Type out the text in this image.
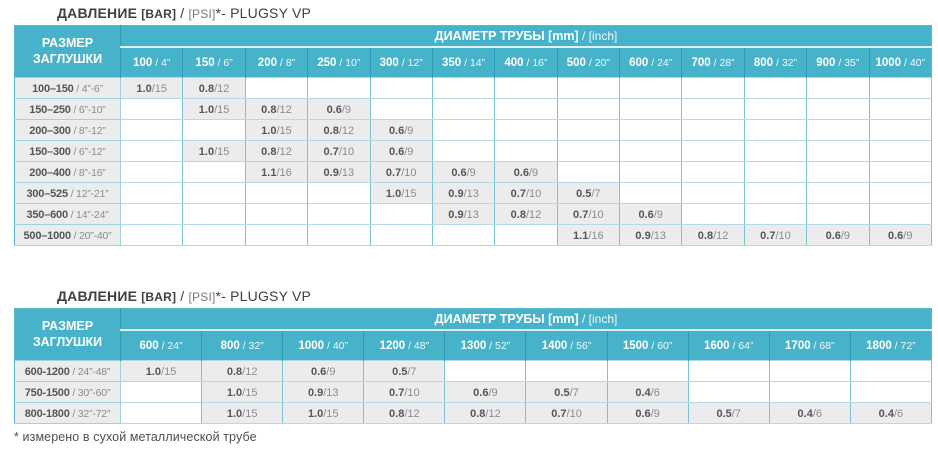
ДАВЛЕНИЕ [BAR] / [PSI]*- PLUGSY VP
РАЗМЕР
ЗАГЛУШКИ	ДИАМЕТР ТРУБЫ [mm] / [inch]												
	100 / 4”	150 / 6”	200 / 8”	250 / 10”	300 / 12”	350 / 14”	400 / 16”	500 / 20”	600 / 24”	700 / 28”	800 / 32”	900 / 35”	1000 / 40”
100–150 / 4”-6”	1.0/15	0.8/12											
150–250 / 6”-10”		1.0/15	0.8/12	0.6/9									
200–300 / 8”-12”			1.0/15	0.8/12	0.6/9								
150–300 / 6”-12”		1.0/15	0.8/12	0.7/10	0.6/9								
200–400 / 8”-16”			1.1/16	0.9/13	0.7/10	0.6/9	0.6/9						
300–525 / 12”-21”					1.0/15	0.9/13	0.7/10	0.5/7					
350–600 / 14”-24”						0.9/13	0.8/12	0.7/10	0.6/9				
500–1000 / 20”-40”								1.1/16	0.9/13	0.8/12	0.7/10	0.6/9	0.6/9
ДАВЛЕНИЕ [BAR] / [PSI]*- PLUGSY VP
РАЗМЕР
ЗАГЛУШКИ	ДИАМЕТР ТРУБЫ [mm] / [inch]									
	600 / 24”	800 / 32”	1000 / 40”	1200 / 48”	1300 / 52”	1400 / 56”	1500 / 60”	1600 / 64”	1700 / 68”	1800 / 72”
600-1200 / 24”-48”	1.0/15	0.8/12	0.6/9	0.5/7						
750-1500 / 30”-60”		1.0/15	0.9/13	0.7/10	0.6/9	0.5/7	0.4/6			
800-1800 / 32”-72”		1.0/15	1.0/15	0.8/12	0.8/12	0.7/10	0.6/9	0.5/7	0.4/6	0.4/6
* измерено в сухой металлической трубе
